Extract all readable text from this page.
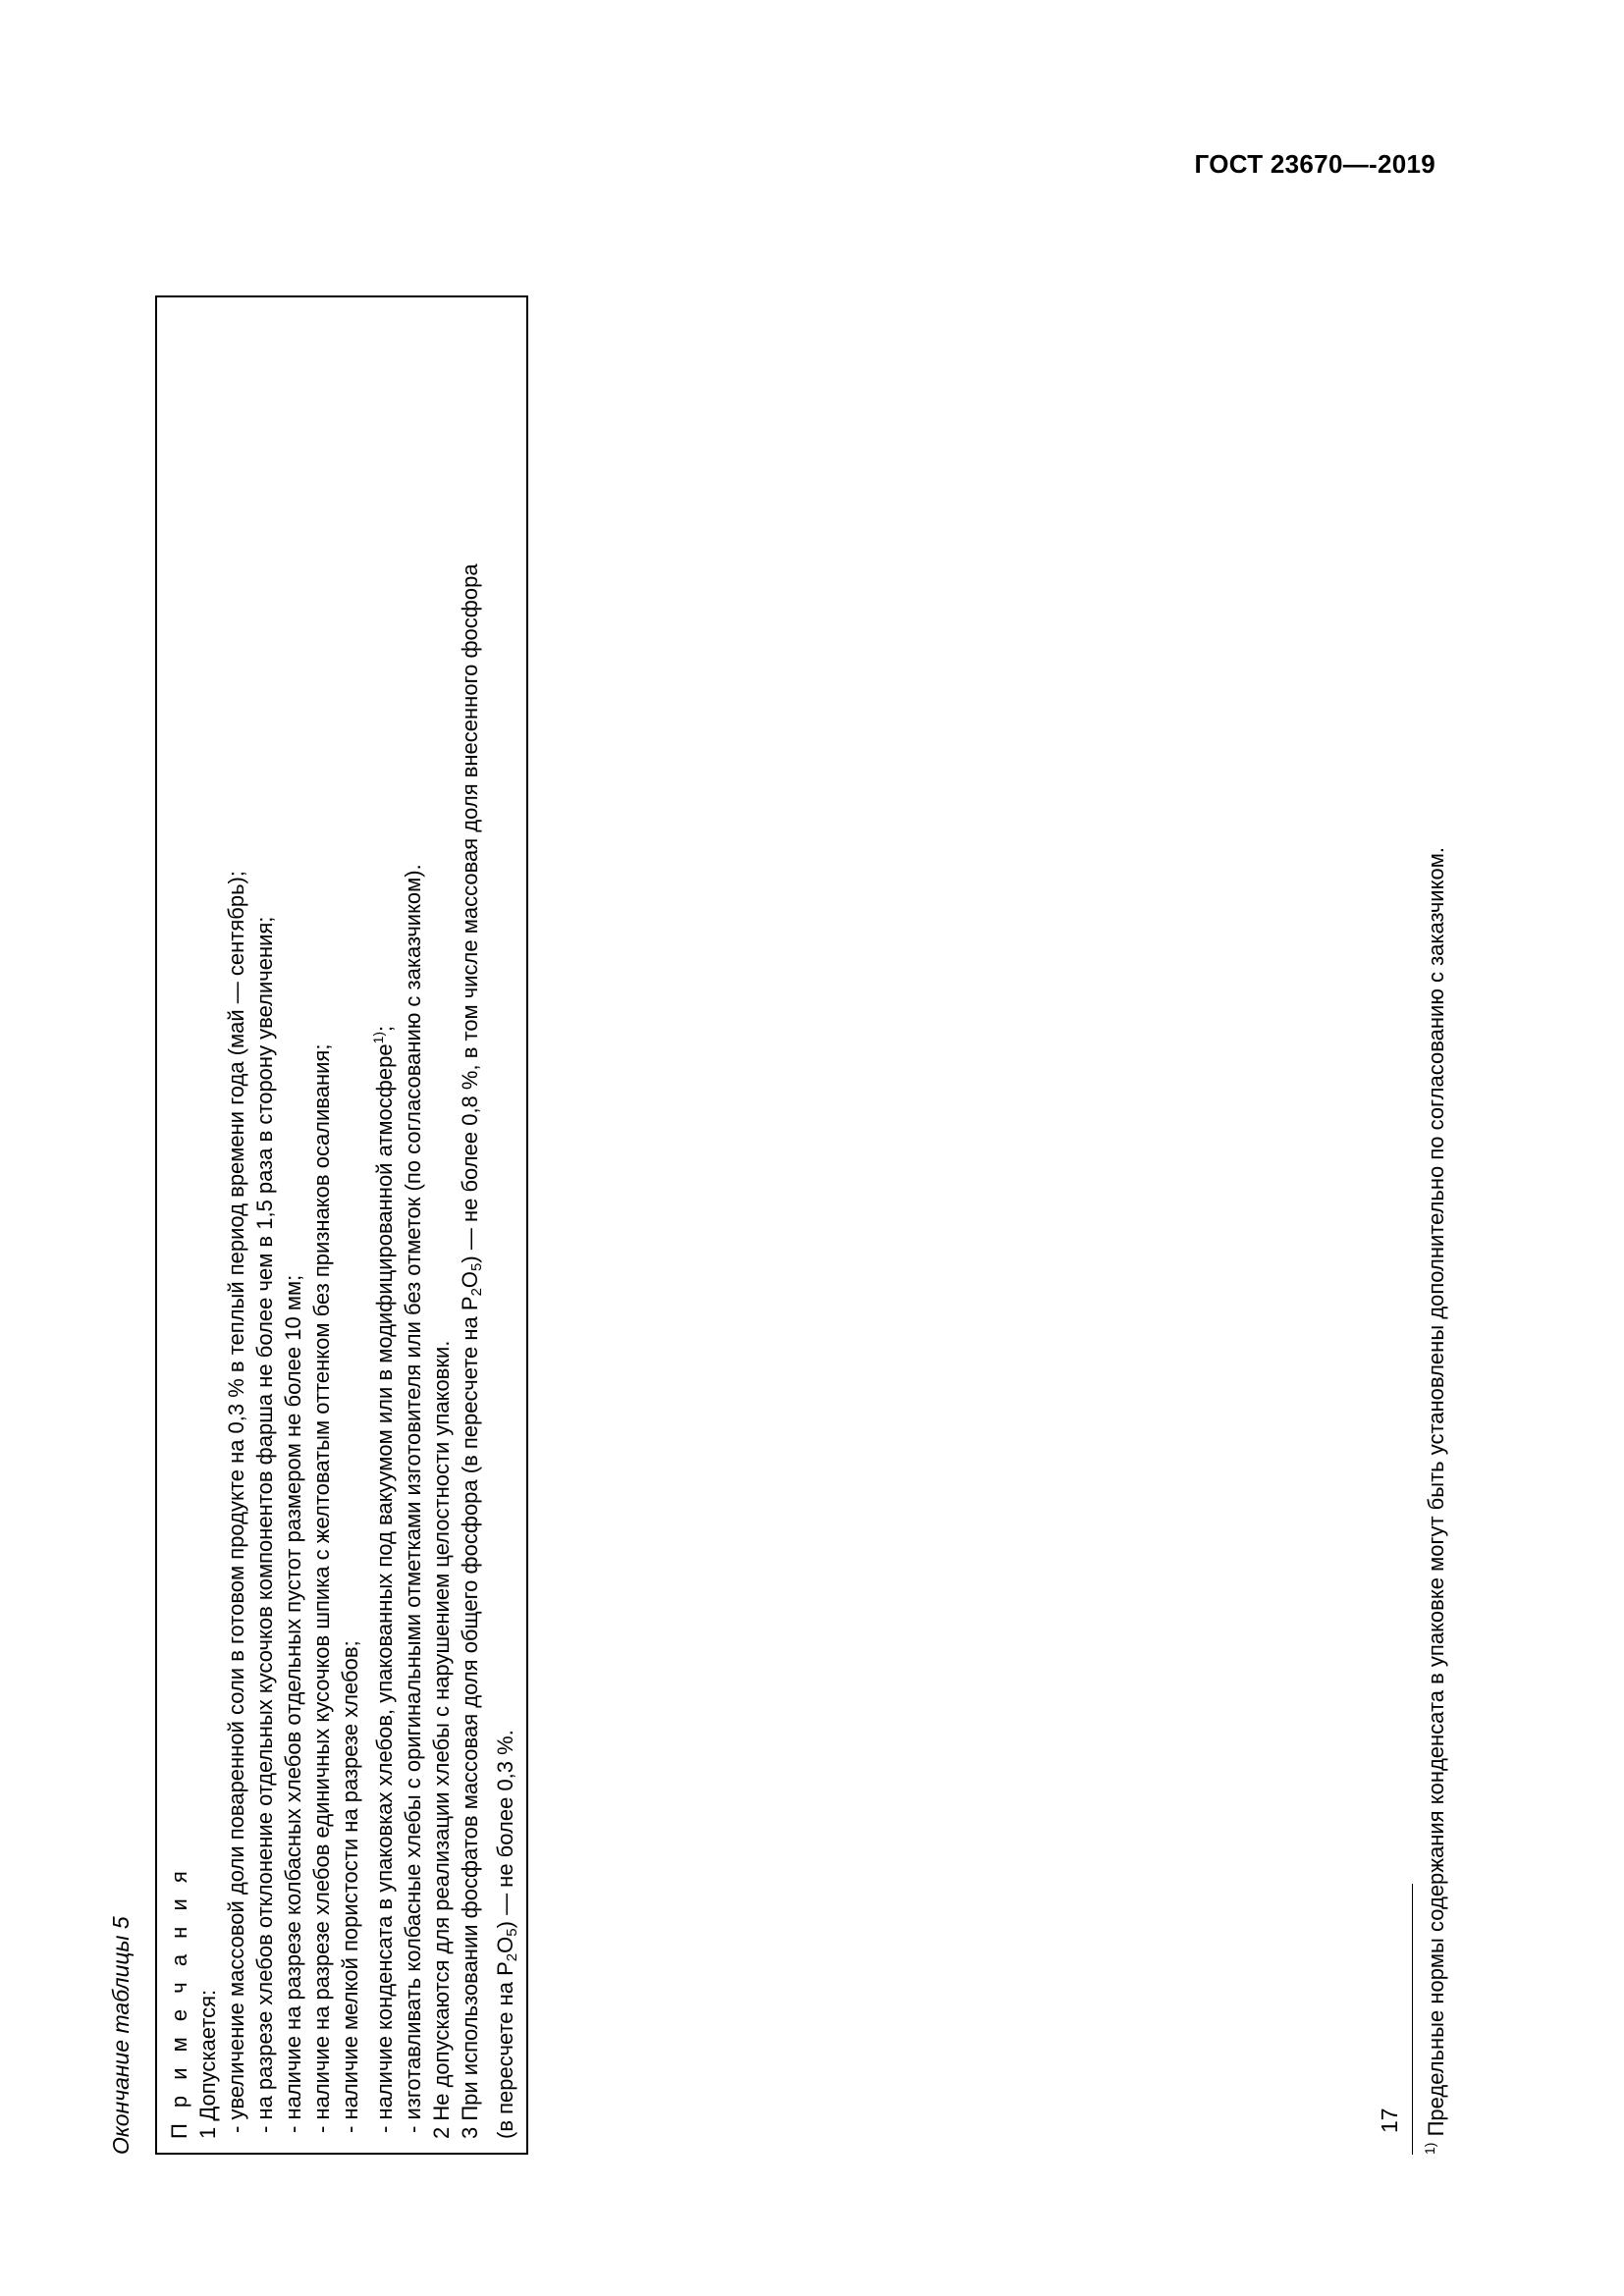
ГОСТ 23670—-2019
Окончание таблицы 5 П р и м е ч а н и я 1 Допускается: - увеличение массовой доли поваренной соли в готовом продукте на 0,3 % в теплый период времени года (май — сентябрь); - на разрезе хлебов отклонение отдельных кусочков компонентов фарша не более чем в 1,5 раза в сторону увеличения; - наличие на разрезе колбасных хлебов отдельных пустот размером не более 10 мм; - наличие на разрезе хлебов единичных кусочков шпика с желтоватым оттенком без признаков осаливания; - наличие мелкой пористости на разрезе хлебов; - наличие конденсата в упаковках хлебов, упакованных под вакуумом или в модифицированной атмосфере$^{1)}$; - изготавливать колбасные хлебы с оригинальными отметками изготовителя или без отметок (по согласованию с заказчиком). 2 Не допускаются для реализации хлебы с нарушением целостности упаковки. 3 При использовании фосфатов массовая доля общего фосфора (в пересчете на $P_2O_5$) — не более 0,8 %, в том числе массовая доля внесенного фосфора
(в пересчете на $P_2O_5$) — не более 0,3 %.
$^{1)}$ Предельные нормы содержания конденсата в упаковке могут быть установлены дополнительно по согласованию с заказчиком.
17
